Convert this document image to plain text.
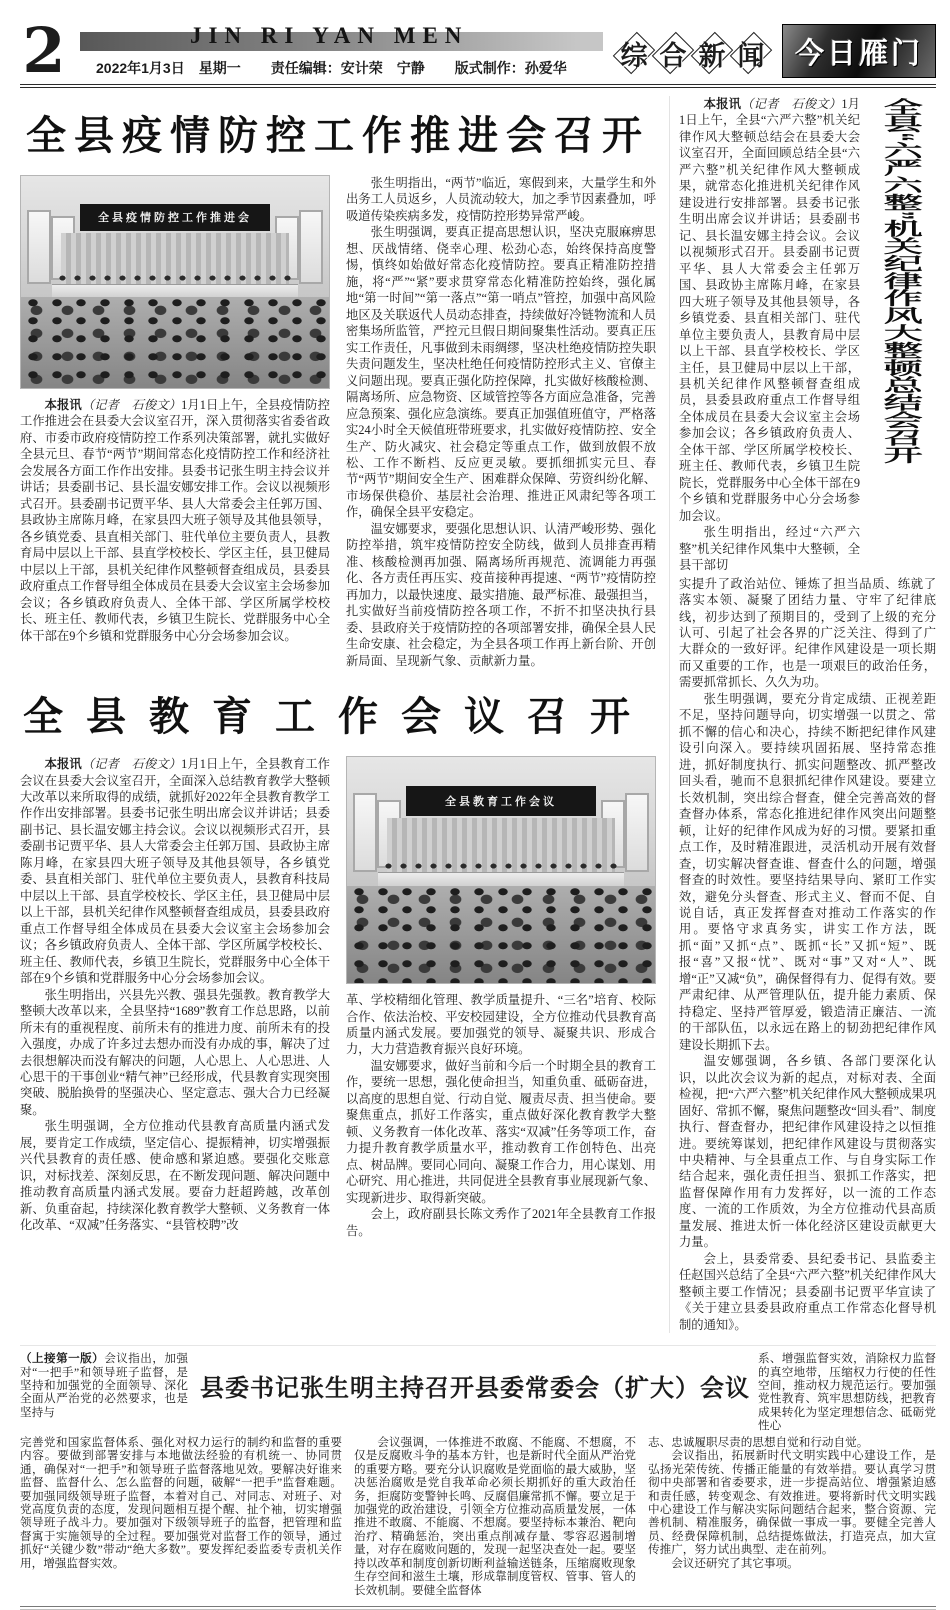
2	JIN RI YAN MEN
2022年1月3日　星期一 责任编辑：安计荣　宁静 版式制作：孙爱华 综 合 新 闻	今日雁门
全县疫情防控工作推进会召开
全县疫情防控工作推进会

本报讯（记者　石俊文）1月1日上午，全县疫情防控工作推进会在县委大会议室召开，深入贯彻落实省委省政府、市委市政府疫情防控工作系列决策部署，就扎实做好全县元旦、春节“两节”期间常态化疫情防控工作和经济社会发展各方面工作作出安排。县委书记张生明主持会议并讲话；县委副书记、县长温安娜安排工作。会议以视频形式召开。县委副书记贾平华、县人大常委会主任郭万国、县政协主席陈月峰，在家县四大班子领导及其他县领导，各乡镇党委、县直相关部门、驻代单位主要负责人，县教育局中层以上干部、县直学校校长、学区主任，县卫健局中层以上干部，县机关纪律作风整顿督查组成员，县委县政府重点工作督导组全体成员在县委大会议室主会场参加会议；各乡镇政府负责人、全体干部、学区所属学校校长、班主任、教师代表，乡镇卫生院长、党群服务中心全体干部在9个乡镇和党群服务中心分会场参加会议。

张生明指出，“两节”临近，寒假到来，大量学生和外出务工人员返乡，人员流动较大，加之季节因素叠加，呼吸道传染疾病多发，疫情防控形势异常严峻。

张生明强调，要真正提高思想认识，坚决克服麻痹思想、厌战情绪、侥幸心理、松劲心态，始终保持高度警惕，慎终如始做好常态化疫情防控。要真正精准防控措施，将“严”“紧”要求贯穿常态化精准防控始终，强化属地“第一时间”“第一落点”“第一哨点”管控，加强中高风险地区及关联返代人员动态排查，持续做好冷链物流和人员密集场所监管，严控元旦假日期间聚集性活动。要真正压实工作责任，凡事做到未雨绸缪，坚决杜绝疫情防控失职失责问题发生，坚决杜绝任何疫情防控形式主义、官僚主义问题出现。要真正强化防控保障，扎实做好核酸检测、隔离场所、应急物资、区域管控等各方面应急准备，完善应急预案、强化应急演练。要真正加强值班值守，严格落实24小时全天候值班带班要求，扎实做好疫情防控、安全生产、防火减灾、社会稳定等重点工作，做到放假不放松、工作不断档、反应更灵敏。要抓细抓实元旦、春节“两节”期间安全生产、困难群众保障、劳资纠纷化解、市场保供稳价、基层社会治理、推进正风肃纪等各项工作，确保全县平安稳定。

温安娜要求，要强化思想认识、认清严峻形势、强化防控举措，筑牢疫情防控安全防线，做到人员排查再精准、核酸检测再加强、隔离场所再规范、流调能力再强化、各方责任再压实、疫苗接种再提速、“两节”疫情防控再加力，以最快速度、最实措施、最严标准、最强担当，扎实做好当前疫情防控各项工作，不折不扣坚决执行县委、县政府关于疫情防控的各项部署安排，确保全县人民生命安康、社会稳定，为全县各项工作再上新台阶、开创新局面、呈现新气象、贡献新力量。

全县教育工作会议召开

本报讯（记者　石俊文）1月1日上午，全县教育工作会议在县委大会议室召开，全面深入总结教育教学大整顿大改革以来所取得的成绩，就抓好2022年全县教育教学工作作出安排部署。县委书记张生明出席会议并讲话；县委副书记、县长温安娜主持会议。会议以视频形式召开，县委副书记贾平华、县人大常委会主任郭万国、县政协主席陈月峰，在家县四大班子领导及其他县领导，各乡镇党委、县直相关部门、驻代单位主要负责人，县教育科技局中层以上干部、县直学校校长、学区主任，县卫健局中层以上干部，县机关纪律作风整顿督查组成员，县委县政府重点工作督导组全体成员在县委大会议室主会场参加会议；各乡镇政府负责人、全体干部、学区所属学校校长、班主任、教师代表，乡镇卫生院长，党群服务中心全体干部在9个乡镇和党群服务中心分会场参加会议。

张生明指出，兴县先兴教、强县先强教。教育教学大整顿大改革以来，全县坚持“1689”教育工作总思路，以前所未有的重视程度、前所未有的推进力度、前所未有的投入强度，办成了许多过去想办而没有办成的事，解决了过去很想解决而没有解决的问题，人心思上、人心思进、人心思干的干事创业“精气神”已经形成，代县教育实现突围突破、脱胎换骨的坚强决心、坚定意志、强大合力已经凝聚。

张生明强调，全方位推动代县教育高质量内涵式发展，要肯定工作成绩，坚定信心、提振精神，切实增强振兴代县教育的责任感、使命感和紧迫感。要强化交账意识，对标找差、深刻反思，在不断发现问题、解决问题中推动教育高质量内涵式发展。要奋力赶超跨越，改革创新、负重奋起，持续深化教育教学大整顿、义务教育一体化改革、“双减”任务落实、“县管校聘”改

全县教育工作会议

革、学校精细化管理、教学质量提升、“三名”培育、校际合作、依法治校、平安校园建设，全方位推动代县教育高质量内涵式发展。要加强党的领导、凝聚共识、形成合力，大力营造教育振兴良好环境。

温安娜要求，做好当前和今后一个时期全县的教育工作，要统一思想，强化使命担当，知重负重、砥砺奋进，以高度的思想自觉、行动自觉、履责尽责、担当使命。要聚焦重点，抓好工作落实，重点做好深化教育教学大整顿、义务教育一体化改革、落实“双减”任务等项工作，奋力提升教育教学质量水平，推动教育工作创特色、出亮点、树品牌。要同心同向、凝聚工作合力，用心谋划、用心研究、用心推进，共同促进全县教育事业展现新气象、实现新进步、取得新突破。

会上，政府副县长陈文秀作了2021年全县教育工作报告。

本报讯（记者　石俊文）1月1日上午，全县“六严六整”机关纪律作风大整顿总结会在县委大会议室召开，全面回顾总结全县“六严六整”机关纪律作风大整顿成果，就常态化推进机关纪律作风建设进行安排部署。县委书记张生明出席会议并讲话；县委副书记、县长温安娜主持会议。会议以视频形式召开。县委副书记贾平华、县人大常委会主任郭万国、县政协主席陈月峰，在家县四大班子领导及其他县领导，各乡镇党委、县直相关部门、驻代单位主要负责人，县教育局中层以上干部、县直学校校长、学区主任，县卫健局中层以上干部，县机关纪律作风整顿督查组成员，县委县政府重点工作督导组全体成员在县委大会议室主会场参加会议；各乡镇政府负责人、全体干部、学区所属学校校长、班主任、教师代表，乡镇卫生院院长，党群服务中心全体干部在9个乡镇和党群服务中心分会场参加会议。

张生明指出，经过“六严六整”机关纪律作风集中大整顿，全县干部切

全县“六严六整”机关纪律作风大整顿总结会召开

实提升了政治站位、锤炼了担当品质、练就了落实本领、凝聚了团结力量、守牢了纪律底线，初步达到了预期目的，受到了上级的充分认可、引起了社会各界的广泛关注、得到了广大群众的一致好评。纪律作风建设是一项长期而又重要的工作，也是一项艰巨的政治任务，需要抓常抓长、久久为功。

张生明强调，要充分肯定成绩、正视差距不足，坚持问题导向，切实增强一以贯之、常抓不懈的信心和决心，持续不断把纪律作风建设引向深入。要持续巩固拓展、坚持常态推进，抓好制度执行、抓实问题整改、抓严整改回头看，驰而不息狠抓纪律作风建设。要建立长效机制，突出综合督查，健全完善高效的督查督办体系，常态化推进纪律作风突出问题整顿，让好的纪律作风成为好的习惯。要紧扣重点工作，及时精准跟进，灵活机动开展有效督查，切实解决督查谁、督查什么的问题，增强督查的时效性。要坚持结果导向、紧盯工作实效，避免分头督查、形式主义、督而不促、自说自话，真正发挥督查对推动工作落实的作用。要恪守求真务实，讲实工作方法，既抓“面”又抓“点”、既抓“长”又抓“短”、既报“喜”又报“忧”、既对“事”又对“人”、既增“正”又减“负”，确保督得有力、促得有效。要严肃纪律、从严管理队伍，提升能力素质、保持稳定、坚持严管厚爱，锻造清正廉洁、一流的干部队伍，以永远在路上的韧劲把纪律作风建设长期抓下去。

温安娜强调，各乡镇、各部门要深化认识，以此次会议为新的起点，对标对表、全面检视，把“六严六整”机关纪律作风大整顿成果巩固好、常抓不懈，聚焦问题整改“回头看”、制度执行、督查督办，把纪律作风建设持之以恒推进。要统筹谋划，把纪律作风建设与贯彻落实中央精神、与全县重点工作、与自身实际工作结合起来，强化责任担当、狠抓工作落实，把监督保障作用有力发挥好，以一流的工作态度、一流的工作质效，为全方位推动代县高质量发展、推进太忻一体化经济区建设贡献更大力量。

会上，县委常委、县纪委书记、县监委主任赵国兴总结了全县“六严六整”机关纪律作风大整顿主要工作情况；县委副书记贾平华宣读了《关于建立县委县政府重点工作常态化督导机制的通知》。

（上接第一版）会议指出，加强对“一把手”和领导班子监督，是坚持和加强党的全面领导、深化全面从严治党的必然要求，也是坚持与

县委书记张生明主持召开县委常委会（扩大）会议

系、增强监督实效，消除权力监督的真空地带，压缩权力行使的任性空间，推动权力规范运行。要加强党性教育、筑牢思想防线，把教育成果转化为坚定理想信念、砥砺党性心

完善党和国家监督体系、强化对权力运行的制约和监督的重要内容。要做到部署安排与本地做法经验的有机统一、协同贯通，确保对“一把手”和领导班子监督落地见效。要解决好谁来监督、监督什么、怎么监督的问题，破解“一把手”监督难题。要加强同级领导班子监督，本着对自己、对同志、对班子、对党高度负责的态度，发现问题相互提个醒、扯个袖，切实增强领导班子战斗力。要加强对下级领导班子的监督，把管理和监督寓于实施领导的全过程。要加强党对监督工作的领导，通过抓好“关键少数”带动“绝大多数”。要发挥纪委监委专责机关作用，增强监督实效。

会议强调，一体推进不敢腐、不能腐、不想腐，不仅是反腐败斗争的基本方针，也是新时代全面从严治党的重要方略。要充分认识腐败是党面临的最大威胁，坚决惩治腐败是党自我革命必须长期抓好的重大政治任务，拒腐防变警钟长鸣、反腐倡廉常抓不懈。要立足于加强党的政治建设，引领全方位推动高质量发展，一体推进不敢腐、不能腐、不想腐。要坚持标本兼治、靶向治疗、精确惩治，突出重点削减存量、零容忍遏制增量，对存在腐败问题的，发现一起坚决查处一起。要坚持以改革和制度创新切断利益输送链条，压缩腐败现象生存空间和滋生土壤，形成靠制度管权、管事、管人的长效机制。要健全监督体

志、忠诚履职尽责的思想自觉和行动自觉。

会议指出，拓展新时代文明实践中心建设工作，是弘扬光荣传统、传播正能量的有效举措。要认真学习贯彻中央部署和省委要求，进一步提高站位、增强紧迫感和责任感，转变观念、有效推进。要将新时代文明实践中心建设工作与解决实际问题结合起来，整合资源、完善机制、精准服务，确保做一事成一事。要健全完善人员、经费保障机制，总结提炼做法，打造亮点，加大宣传推广，努力试出典型、走在前列。

会议还研究了其它事项。
